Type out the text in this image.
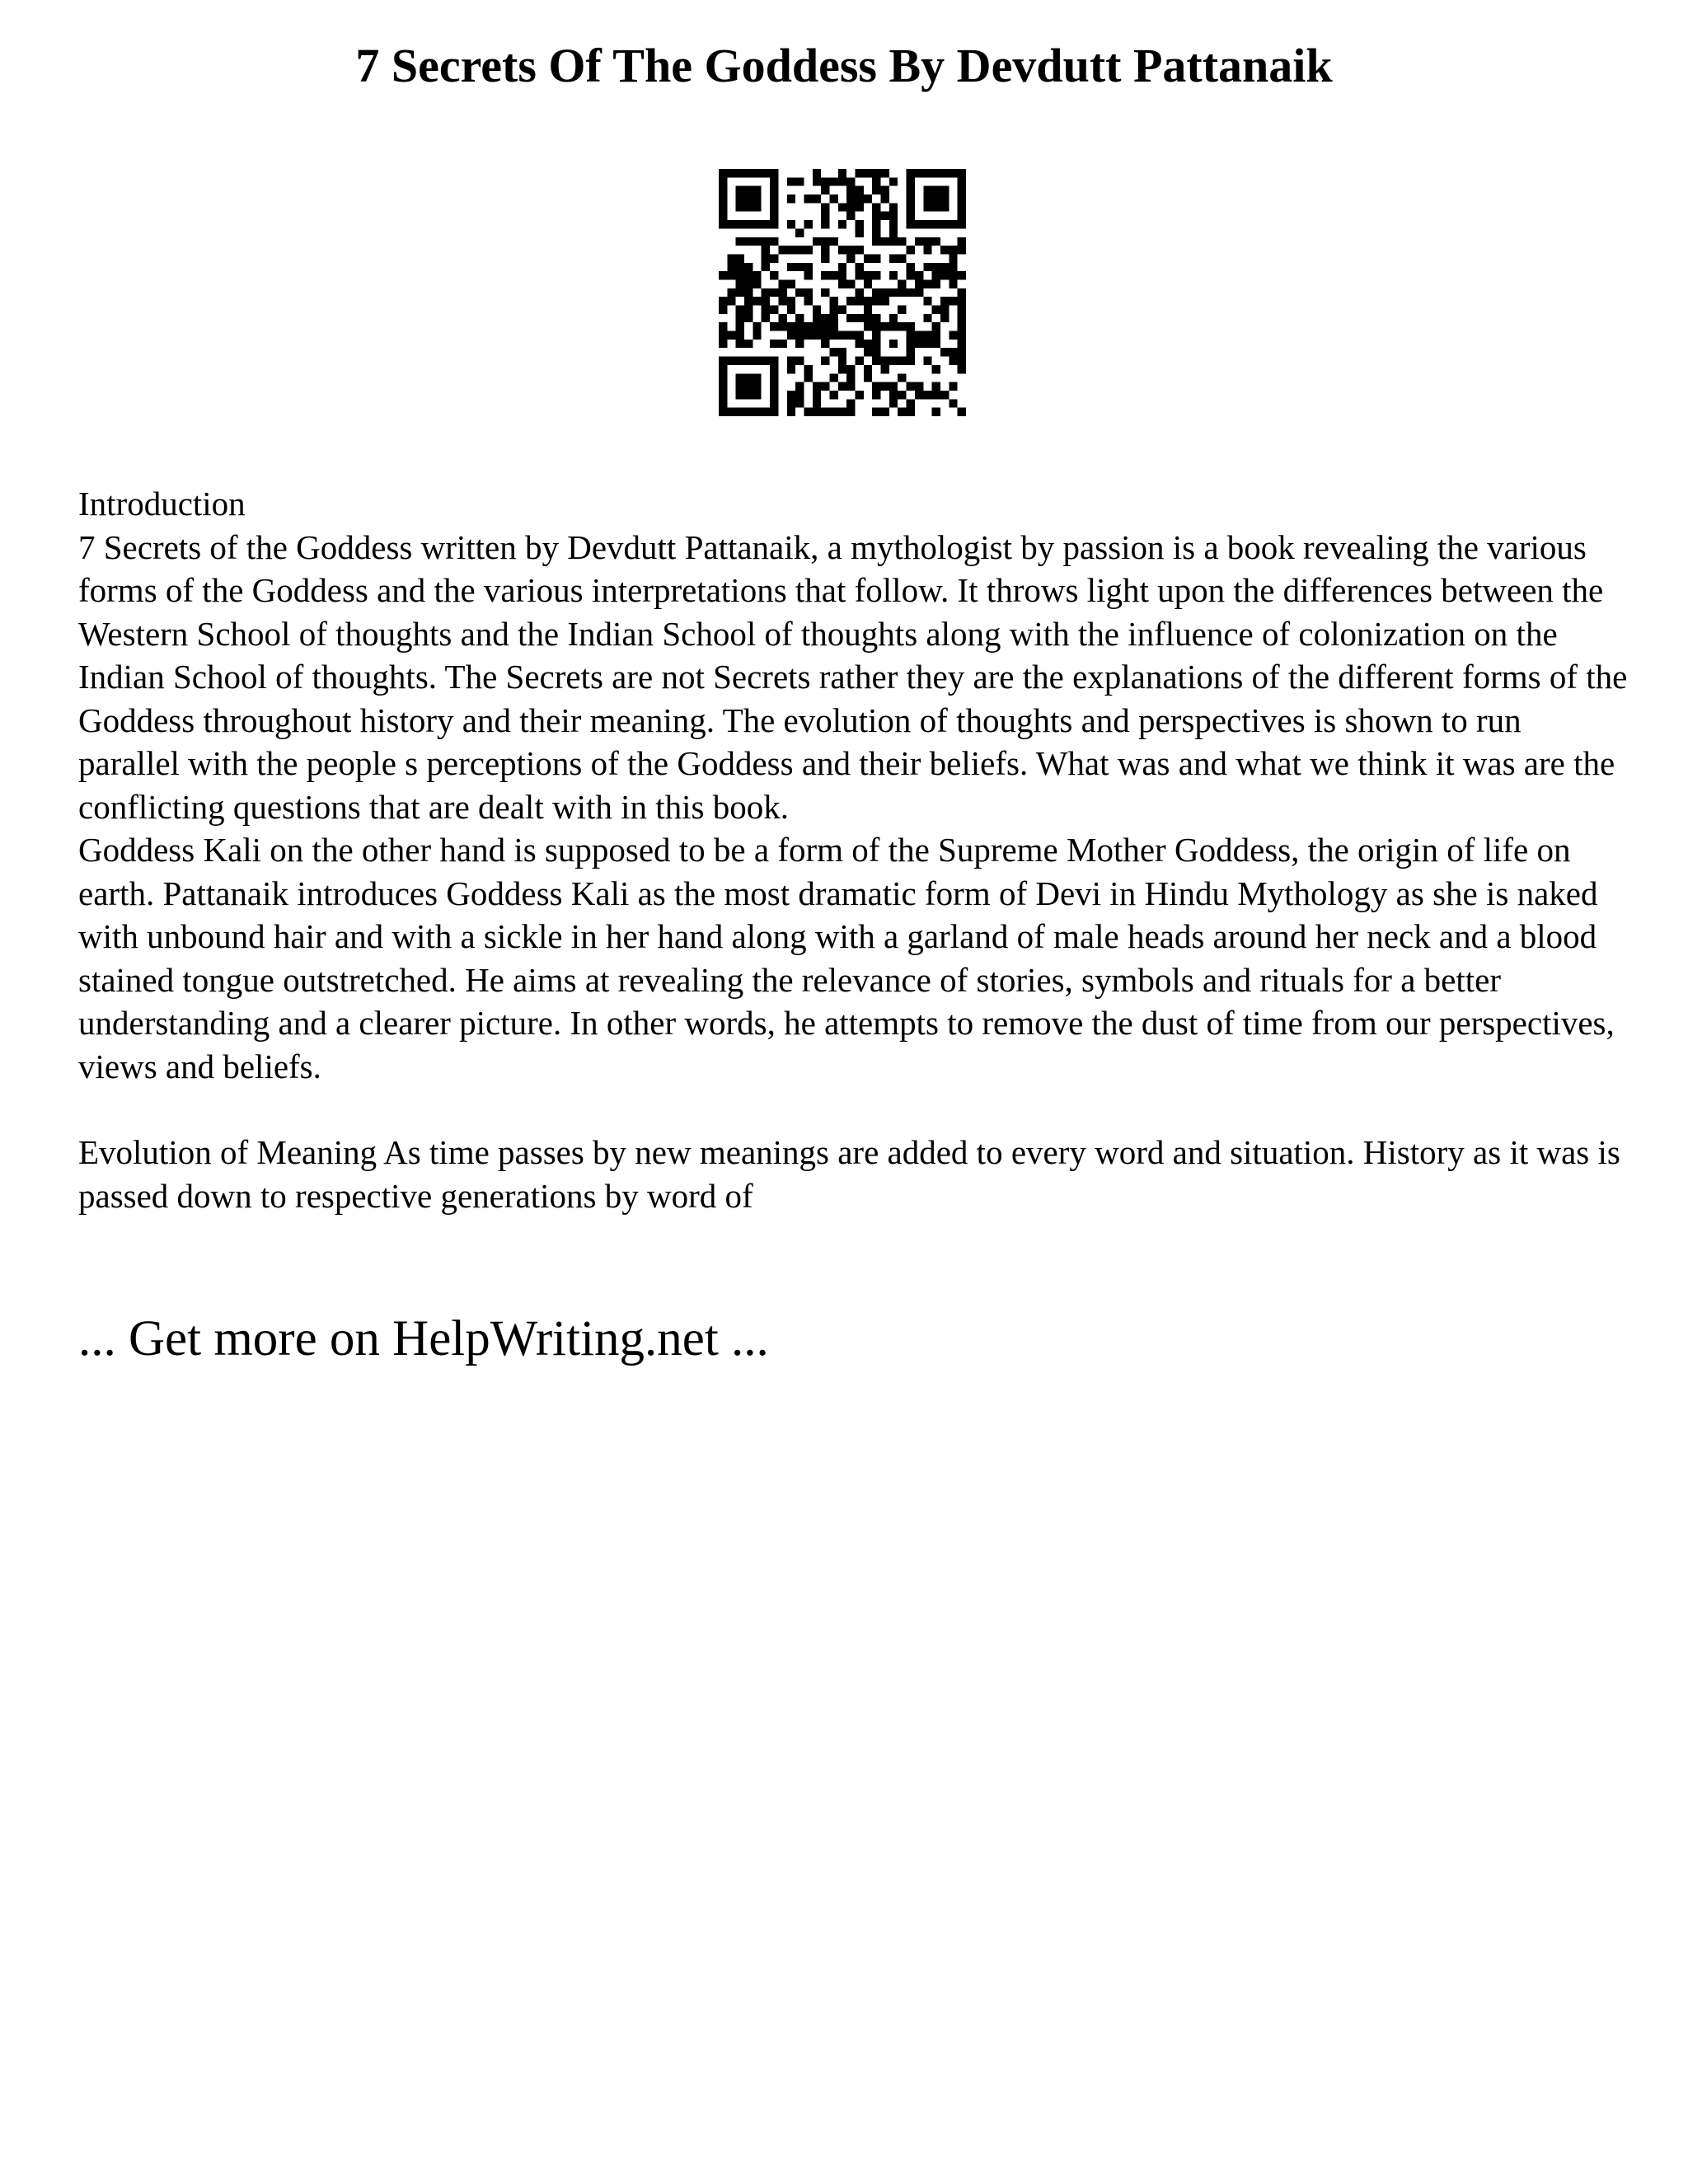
7 Secrets Of The Goddess By Devdutt Pattanaik

Introduction

7 Secrets of the Goddess written by Devdutt Pattanaik, a mythologist by passion is a book revealing the various forms of the Goddess and the various interpretations that follow. It throws light upon the differences between the Western School of thoughts and the Indian School of thoughts along with the influence of colonization on the Indian School of thoughts. The Secrets are not Secrets rather they are the explanations of the different forms of the Goddess throughout history and their meaning. The evolution of thoughts and perspectives is shown to run parallel with the people s perceptions of the Goddess and their beliefs. What was and what we think it was are the conflicting questions that are dealt with in this book.

Goddess Kali on the other hand is supposed to be a form of the Supreme Mother Goddess, the origin of life on earth. Pattanaik introduces Goddess Kali as the most dramatic form of Devi in Hindu Mythology as she is naked with unbound hair and with a sickle in her hand along with a garland of male heads around her neck and a blood stained tongue outstretched. He aims at revealing the relevance of stories, symbols and rituals for a better understanding and a clearer picture. In other words, he attempts to remove the dust of time from our perspectives, views and beliefs.

Evolution of Meaning As time passes by new meanings are added to every word and situation. History as it was is passed down to respective generations by word of

... Get more on HelpWriting.net ...
